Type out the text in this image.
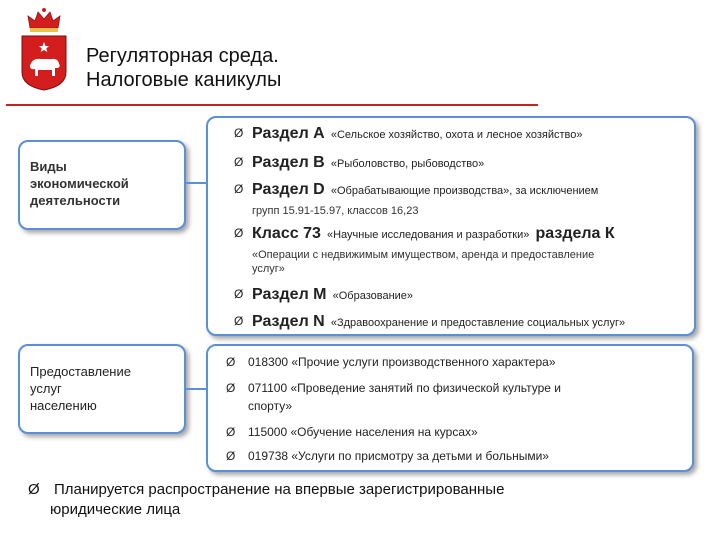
Регуляторная среда.
Налоговые каникулы
Виды
экономической
деятельности
Предоставление
услуг
населению
Ø Раздел А «Сельское хозяйство, охота и лесное хозяйство»
Ø Раздел В «Рыболовство, рыбоводство»
Ø Раздел D «Обрабатывающие производства», за исключением
групп 15.91-15.97, классов 16,23
Ø Класс 73 «Научные исследования и разработки» раздела К
«Операции с недвижимым имуществом, аренда и предоставление
услуг»
Ø Раздел М «Образование»
Ø Раздел N «Здравоохранение и предоставление социальных услуг»
Ø 018300 «Прочие услуги производственного характера»
Ø 071100 «Проведение занятий по физической культуре и
спорту»
Ø 115000 «Обучение населения на курсах»
Ø 019738 «Услуги по присмотру за детьми и больными»
Ø Планируется распространение на впервые зарегистрированные
юридические лица
